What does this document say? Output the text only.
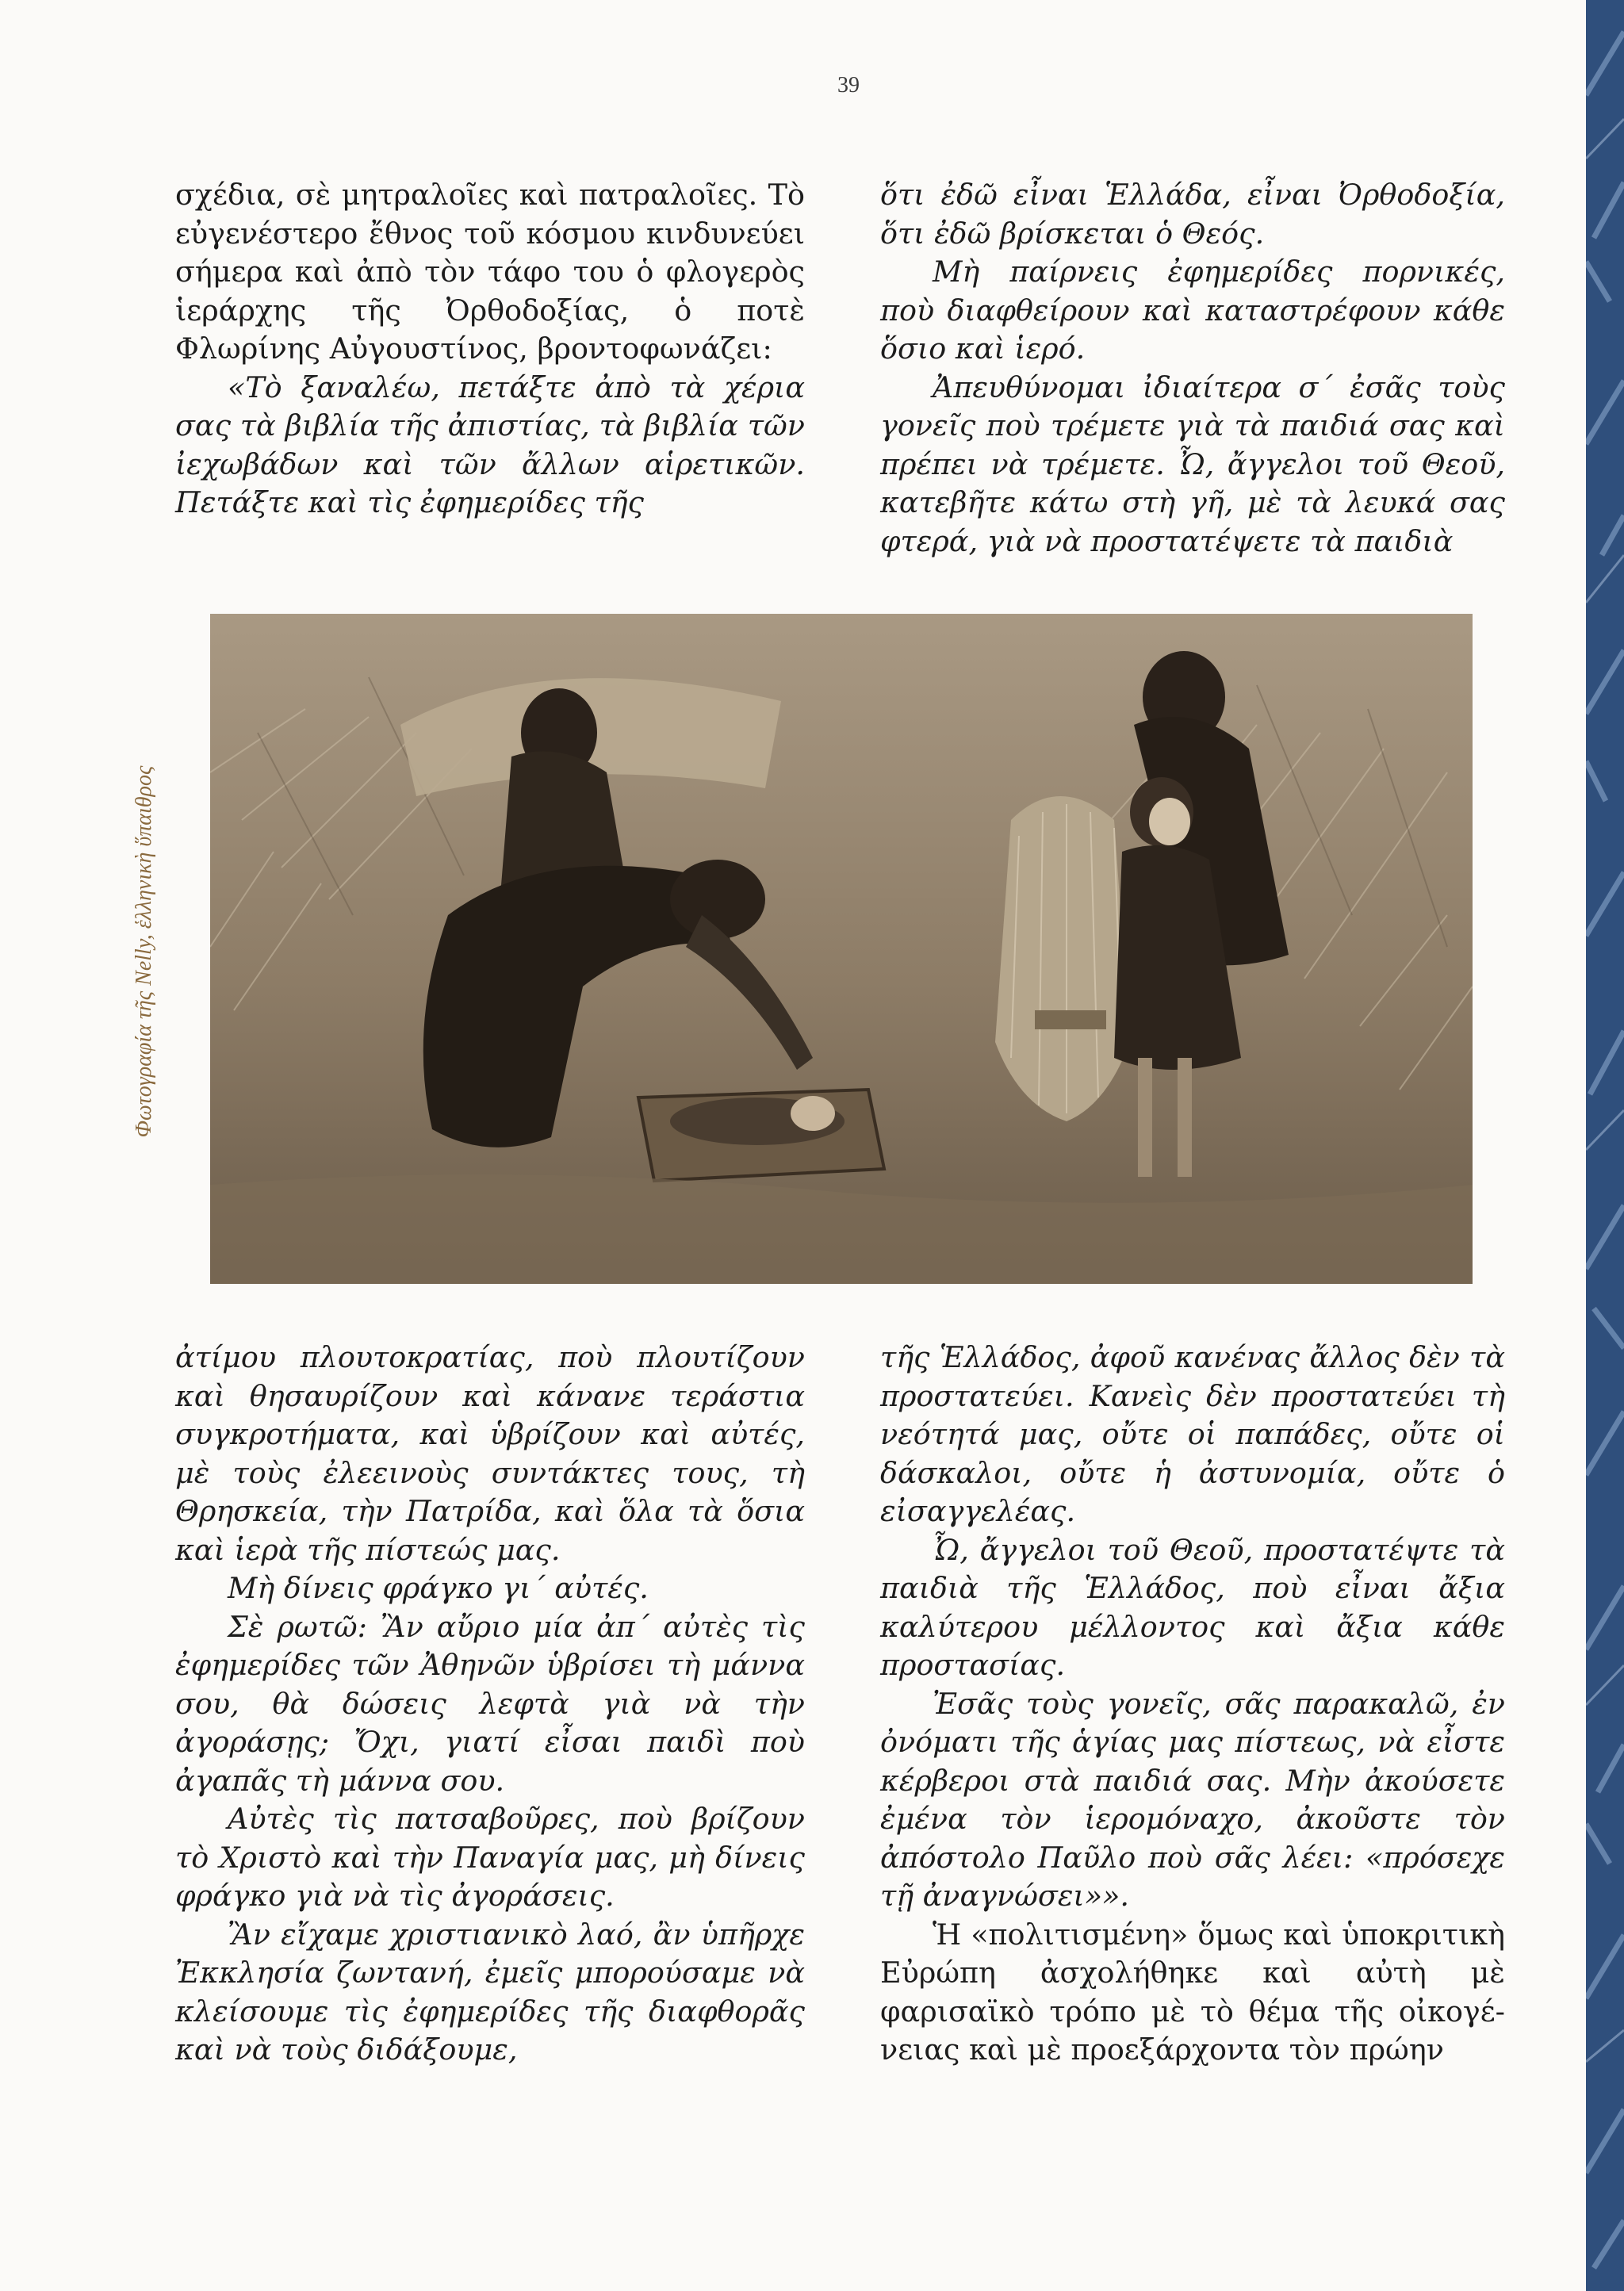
39

σχέδια, σὲ μητραλοῖες καὶ πατραλοῖες. Τὸ εὐγενέστερο ἔθνος τοῦ κόσμου κινδυνεύει σήμερα καὶ ἀπὸ τὸν τάφο του ὁ φλογερὸς ἱεράρχης τῆς Ὀρθοδοξίας, ὁ ποτὲ Φλωρίνης Αὐγουστίνος, βροντοφωνάζει:

«Τὸ ξαναλέω, πετάξτε ἀπὸ τὰ χέρια σας τὰ βιβλία τῆς ἀπιστίας, τὰ βιβλία τῶν ἰεχωβάδων καὶ τῶν ἄλλων αἱρετικῶν. Πετάξτε καὶ τὶς ἐφημερίδες τῆς

ὅτι ἐδῶ εἶναι Ἑλλάδα, εἶναι Ὀρθοδοξία, ὅτι ἐδῶ βρίσκεται ὁ Θεός.

Μὴ παίρνεις ἐφημερίδες πορνικές, ποὺ διαφθείρουν καὶ καταστρέφουν κάθε ὅσιο καὶ ἱερό.

Ἀπευθύνομαι ἰδιαίτερα σ΄ ἐσᾶς τοὺς γονεῖς ποὺ τρέμετε γιὰ τὰ παιδιά σας καὶ πρέπει νὰ τρέμετε. Ὦ, ἄγγελοι τοῦ Θεοῦ, κατεβῆτε κάτω στὴ γῆ, μὲ τὰ λευκά σας φτερά, γιὰ νὰ προστατέψετε τὰ παιδιὰ

Φωτογραφία τῆς Nelly, ἑλληνικὴ ὕπαιθρος

ἀτίμου πλουτοκρατίας, ποὺ πλουτίζουν καὶ θησαυρίζουν καὶ κάνανε τεράστια συγκροτήματα, καὶ ὑβρίζουν καὶ αὐτές, μὲ τοὺς ἐλεεινοὺς συντάκτες τους, τὴ Θρησκεία, τὴν Πατρίδα, καὶ ὅλα τὰ ὅσια καὶ ἱερὰ τῆς πίστεώς μας.

Μὴ δίνεις φράγκο γι΄ αὐτές.

Σὲ ρωτῶ: Ἂν αὔριο μία ἀπ΄ αὐτὲς τὶς ἐφημερίδες τῶν Ἀθηνῶν ὑβρίσει τὴ μάννα σου, θὰ δώσεις λεφτὰ γιὰ νὰ τὴν ἀγοράσῃς; Ὄχι, γιατί εἶσαι παιδὶ ποὺ ἀγαπᾶς τὴ μάννα σου.

Αὐτὲς τὶς πατσαβοῦρες, ποὺ βρίζουν τὸ Χριστὸ καὶ τὴν Παναγία μας, μὴ δίνεις φράγκο γιὰ νὰ τὶς ἀγοράσεις.

Ἂν εἴχαμε χριστιανικὸ λαό, ἂν ὑπῆρχε Ἐκκλησία ζωντανή, ἐμεῖς μπορούσαμε νὰ κλείσουμε τὶς ἐφημερίδες τῆς διαφθορᾶς καὶ νὰ τοὺς διδάξουμε,

τῆς Ἑλλάδος, ἀφοῦ κανένας ἄλλος δὲν τὰ προστατεύει. Κανεὶς δὲν προστατεύει τὴ νεότητά μας, οὔτε οἱ παπάδες, οὔτε οἱ δάσκαλοι, οὔτε ἡ ἀστυνομία, οὔτε ὁ εἰσαγγελέας.

Ὦ, ἄγγελοι τοῦ Θεοῦ, προστατέψτε τὰ παιδιὰ τῆς Ἑλλάδος, ποὺ εἶναι ἄξια καλύτερου μέλλοντος καὶ ἄξια κάθε προστασίας.

Ἐσᾶς τοὺς γονεῖς, σᾶς παρακαλῶ, ἐν ὀνόματι τῆς ἁγίας μας πίστεως, νὰ εἶστε κέρβεροι στὰ παιδιά σας. Μὴν ἀκούσετε ἐμένα τὸν ἱερομόναχο, ἀκοῦστε τὸν ἀπόστολο Παῦλο ποὺ σᾶς λέει: «πρόσεχε τῇ ἀναγνώσει»».

Ἡ «πολιτισμένη» ὅμως καὶ ὑποκριτικὴ Εὐρώπη ἀσχολήθηκε καὶ αὐτὴ μὲ φαρισαϊκὸ τρόπο μὲ τὸ θέμα τῆς οἰκογένειας καὶ μὲ προεξάρχοντα τὸν πρώην
